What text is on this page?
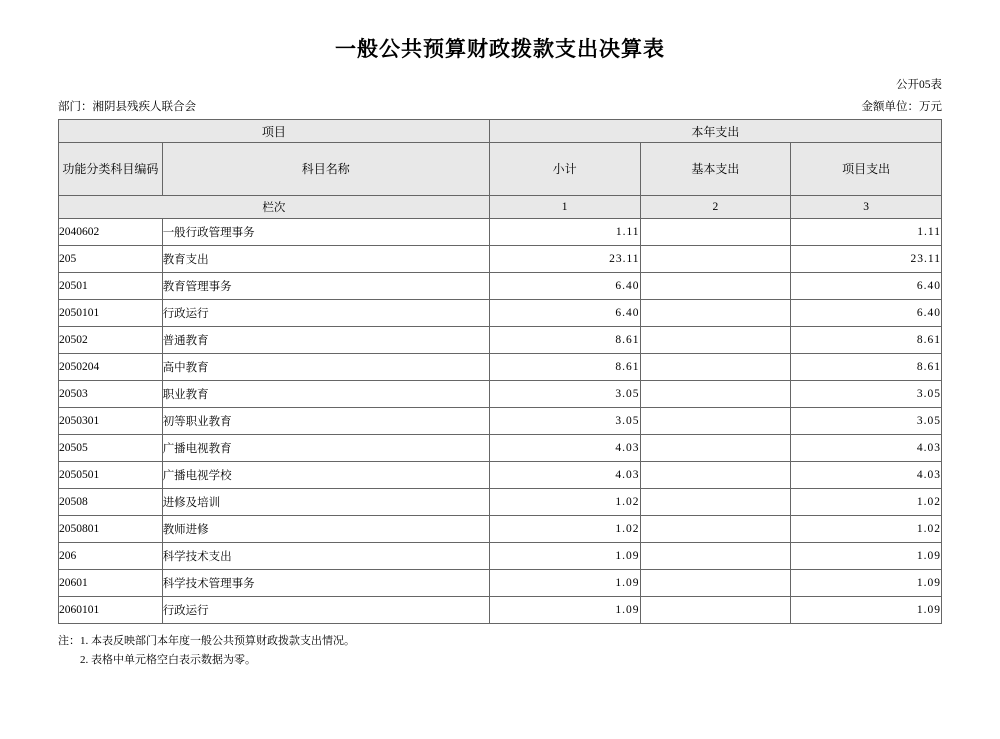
一般公共预算财政拨款支出决算表
公开05表
部门：湘阴县残疾人联合会	金额单位：万元
项目		本年支出		
功能分类科目编码	科目名称	小计	基本支出	项目支出
栏次		1	2	3
2040602	一般行政管理事务	1.11		1.11
205	教育支出	23.11		23.11
20501	教育管理事务	6.40		6.40
2050101	行政运行	6.40		6.40
20502	普通教育	8.61		8.61
2050204	高中教育	8.61		8.61
20503	职业教育	3.05		3.05
2050301	初等职业教育	3.05		3.05
20505	广播电视教育	4.03		4.03
2050501	广播电视学校	4.03		4.03
20508	进修及培训	1.02		1.02
2050801	教师进修	1.02		1.02
206	科学技术支出	1.09		1.09
20601	科学技术管理事务	1.09		1.09
2060101	行政运行	1.09		1.09
注：1. 本表反映部门本年度一般公共预算财政拨款支出情况。
2. 表格中单元格空白表示数据为零。
